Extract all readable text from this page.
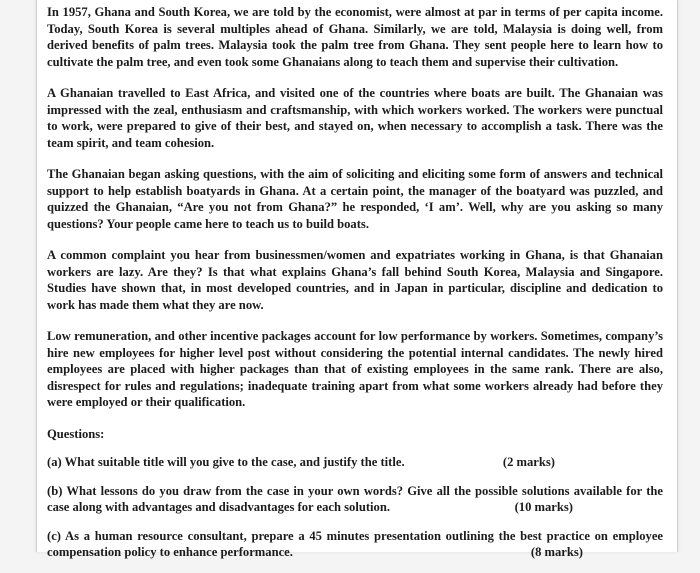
In 1957, Ghana and South Korea, we are told by the economist, were almost at par in terms of per capita income. Today, South Korea is several multiples ahead of Ghana. Similarly, we are told, Malaysia is doing well, from derived benefits of palm trees. Malaysia took the palm tree from Ghana. They sent people here to learn how to cultivate the palm tree, and even took some Ghanaians along to teach them and supervise their cultivation.

A Ghanaian travelled to East Africa, and visited one of the countries where boats are built. The Ghanaian was impressed with the zeal, enthusiasm and craftsmanship, with which workers worked. The workers were punctual to work, were prepared to give of their best, and stayed on, when necessary to accomplish a task. There was the team spirit, and team cohesion.

The Ghanaian began asking questions, with the aim of soliciting and eliciting some form of answers and technical support to help establish boatyards in Ghana. At a certain point, the manager of the boatyard was puzzled, and quizzed the Ghanaian, “Are you not from Ghana?” he responded, ‘I am’. Well, why are you asking so many questions? Your people came here to teach us to build boats.

A common complaint you hear from businessmen/women and expatriates working in Ghana, is that Ghanaian workers are lazy. Are they? Is that what explains Ghana’s fall behind South Korea, Malaysia and Singapore. Studies have shown that, in most developed countries, and in Japan in particular, discipline and dedication to work has made them what they are now.

Low remuneration, and other incentive packages account for low performance by workers. Sometimes, company’s hire new employees for higher level post without considering the potential internal candidates. The newly hired employees are placed with higher packages than that of existing employees in the same rank. There are also, disrespect for rules and regulations; inadequate training apart from what some workers already had before they were employed or their qualification.

Questions:

(a) What suitable title will you give to the case, and justify the title.	(2 marks)

(b) What lessons do you draw from the case in your own words? Give all the possible solutions available for the case along with advantages and disadvantages for each solution.	(10 marks)

(c) As a human resource consultant, prepare a 45 minutes presentation outlining the best practice on employee compensation policy to enhance performance.	(8 marks)
